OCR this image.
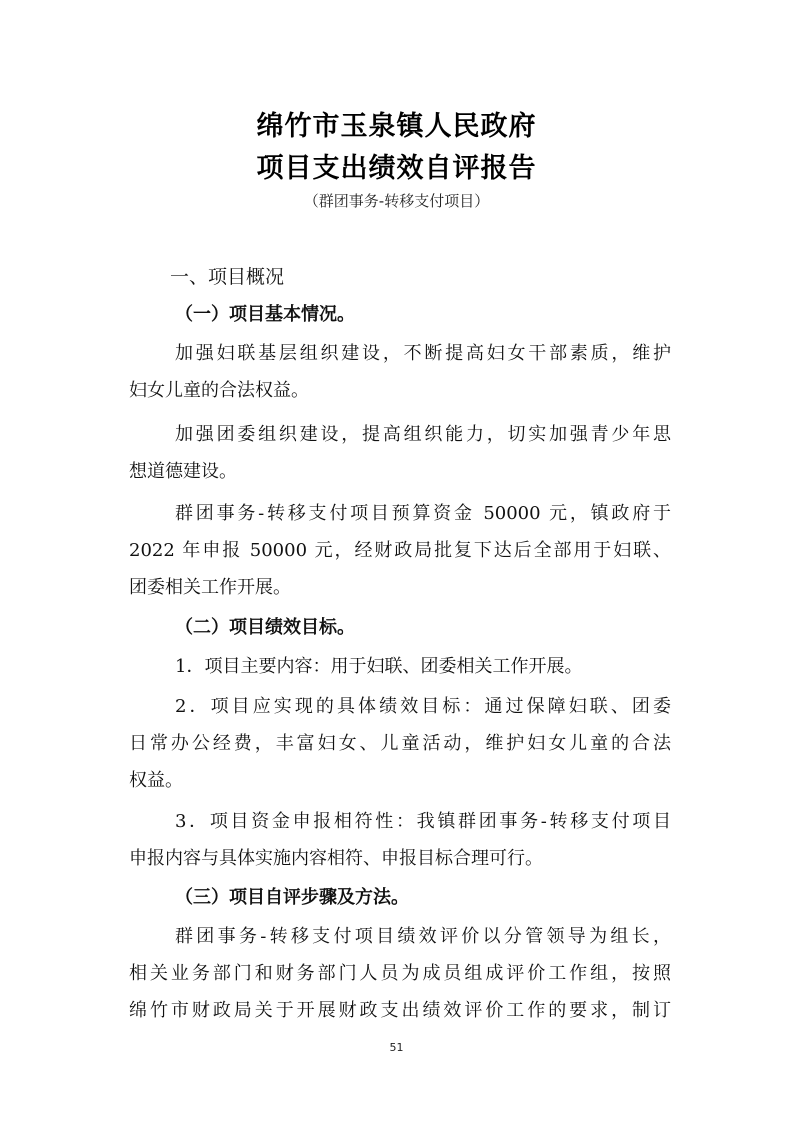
绵竹市玉泉镇人民政府
项目支出绩效自评报告
（群团事务-转移支付项目）
一、项目概况
（一）项目基本情况。
加强妇联基层组织建设，不断提高妇女干部素质，维护
妇女儿童的合法权益。
加强团委组织建设，提高组织能力，切实加强青少年思
想道德建设。
群团事务-转移支付项目预算资金 50000 元，镇政府于
2022 年申报 50000 元，经财政局批复下达后全部用于妇联、
团委相关工作开展。
（二）项目绩效目标。
1．项目主要内容：用于妇联、团委相关工作开展。
2．项目应实现的具体绩效目标：通过保障妇联、团委
日常办公经费，丰富妇女、儿童活动，维护妇女儿童的合法
权益。
3．项目资金申报相符性：我镇群团事务-转移支付项目
申报内容与具体实施内容相符、申报目标合理可行。
（三）项目自评步骤及方法。
群团事务-转移支付项目绩效评价以分管领导为组长，
相关业务部门和财务部门人员为成员组成评价工作组，按照
绵竹市财政局关于开展财政支出绩效评价工作的要求，制订
51
